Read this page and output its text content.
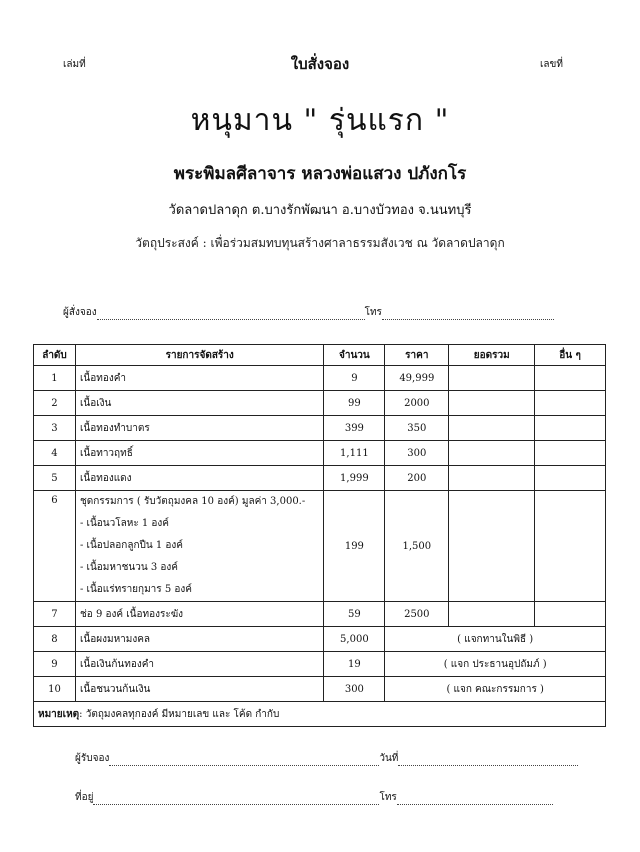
เล่มที่	ใบสั่งจอง	เลขที่
หนุมาน " รุ่นแรก "
พระพิมลศีลาจาร หลวงพ่อแสวง ปภังกโร
วัดลาดปลาดุก ต.บางรักพัฒนา อ.บางบัวทอง จ.นนทบุรี
วัตถุประสงค์ : เพื่อร่วมสมทบทุนสร้างศาลาธรรมสังเวช ณ วัดลาดปลาดุก
ผู้สั่งจอง	โทร
ลำดับ	รายการจัดสร้าง	จำนวน	ราคา	ยอดรวม	อื่น ๆ
1	เนื้อทองคำ	9	49,999		
2	เนื้อเงิน	99	2000		
3	เนื้อทองทำบาตร	399	350		
4	เนื้อทาวฤทธิ์	1,111	300		
5	เนื้อทองแดง	1,999	200		
6	ชุดกรรมการ ( รับวัตถุมงคล 10 องค์) มูลค่า 3,000.-
- เนื้อนวโลหะ 1 องค์
- เนื้อปลอกลูกปืน 1 องค์
- เนื้อมหาชนวน 3 องค์
- เนื้อแร่ทรายกุมาร 5 องค์	199	1,500		
7	ช่อ 9 องค์ เนื้อทองระฆัง	59	2500		
8	เนื้อผงมหามงคล	5,000	( แจกทานในพิธี )		
9	เนื้อเงินก้นทองคำ	19	( แจก ประธานอุปถัมภ์ )		
10	เนื้อชนวนก้นเงิน	300	( แจก คณะกรรมการ )		
หมายเหตุ: วัตถุมงคลทุกองค์ มีหมายเลข และ โค้ด กำกับ					
ผู้รับจอง	วันที่
ที่อยู่	โทร
